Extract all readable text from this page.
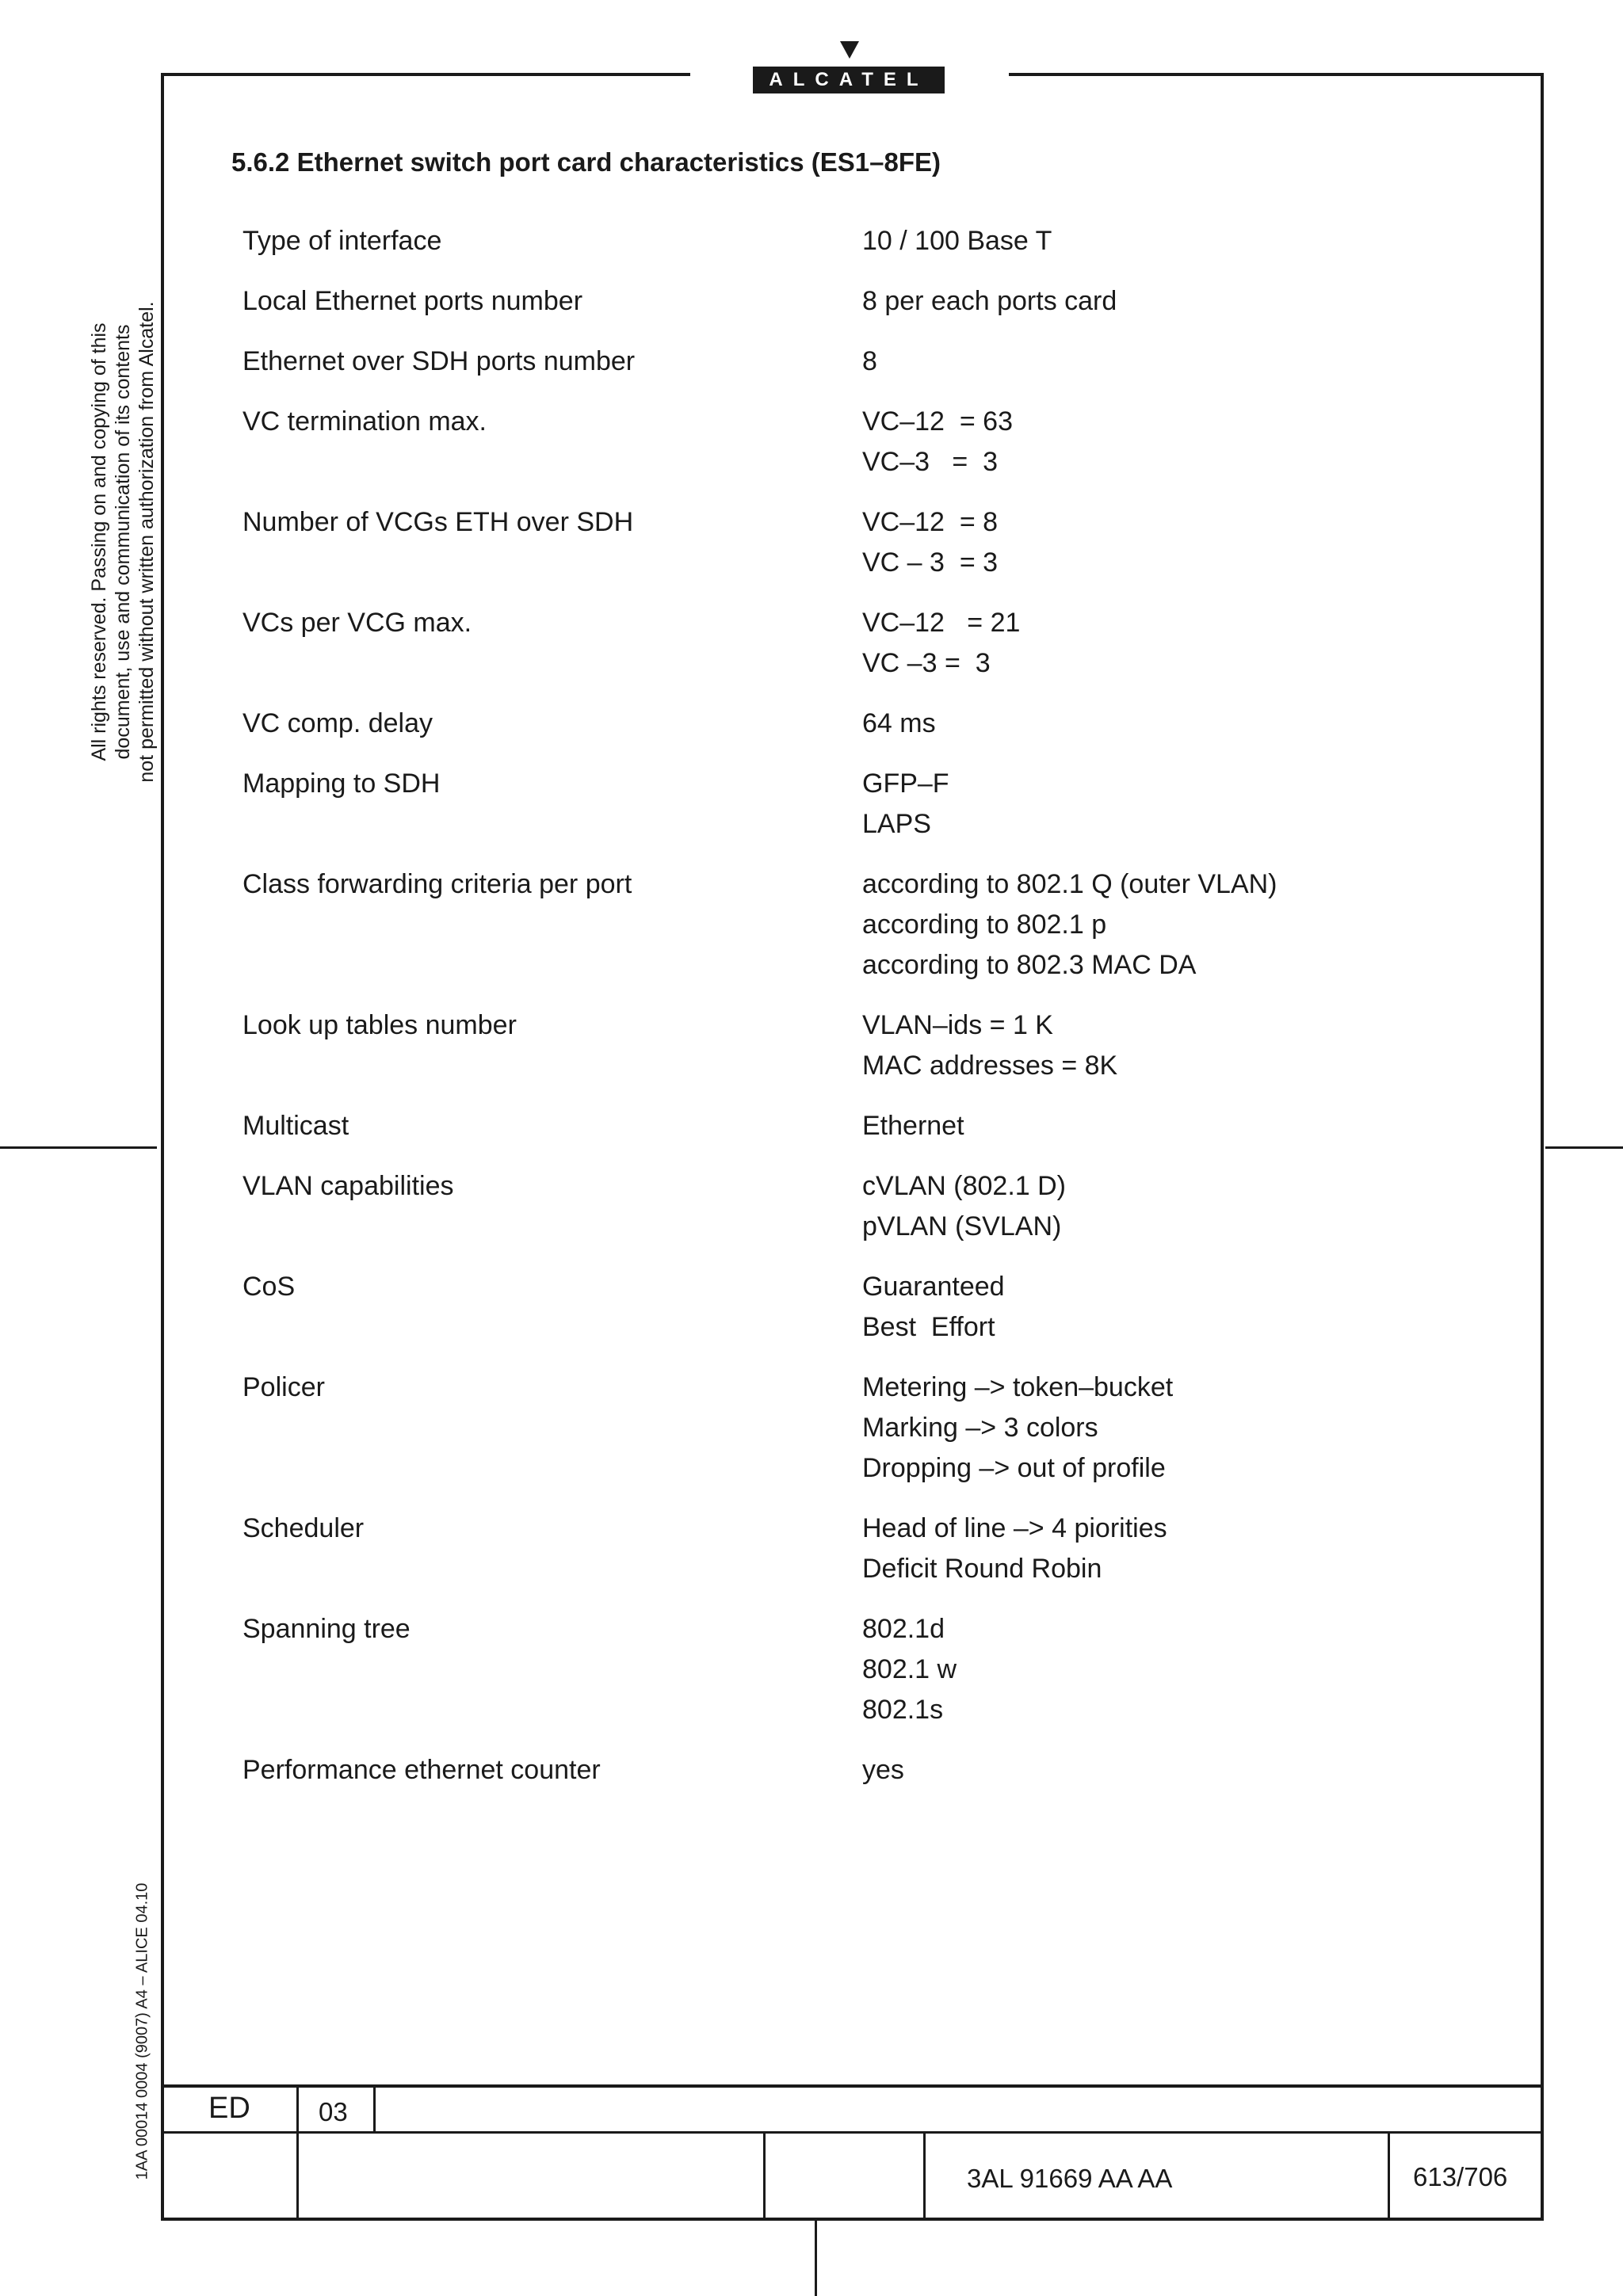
ALCATEL
All rights reserved. Passing on and copying of this document, use and communication of its contents not permitted without written authorization from Alcatel.
1AA 00014 0004 (9007) A4 – ALICE 04.10
5.6.2 Ethernet switch port card characteristics (ES1–8FE)
Type of interface	10 / 100 Base T
Local Ethernet ports number	8 per each ports card
Ethernet over SDH ports number	8
VC termination max.	VC–12  = 63
VC–3   =  3
Number of VCGs ETH over SDH	VC–12  = 8
VC – 3  = 3
VCs per VCG max.	VC–12   = 21
VC –3 =  3
VC comp. delay	64 ms
Mapping to SDH	GFP–F
LAPS
Class forwarding criteria per port	according to 802.1 Q (outer VLAN)
according to 802.1 p
according to 802.3 MAC DA
Look up tables number	VLAN–ids = 1 K
MAC addresses = 8K
Multicast	Ethernet
VLAN capabilities	cVLAN (802.1 D)
pVLAN (SVLAN)
CoS	Guaranteed
Best  Effort
Policer	Metering –> token–bucket
Marking –> 3 colors
Dropping –> out of profile
Scheduler	Head of line –> 4 piorities
Deficit Round Robin
Spanning tree	802.1d
802.1 w
802.1s
Performance ethernet counter	yes
ED	03
3AL 91669 AA AA	613/706
